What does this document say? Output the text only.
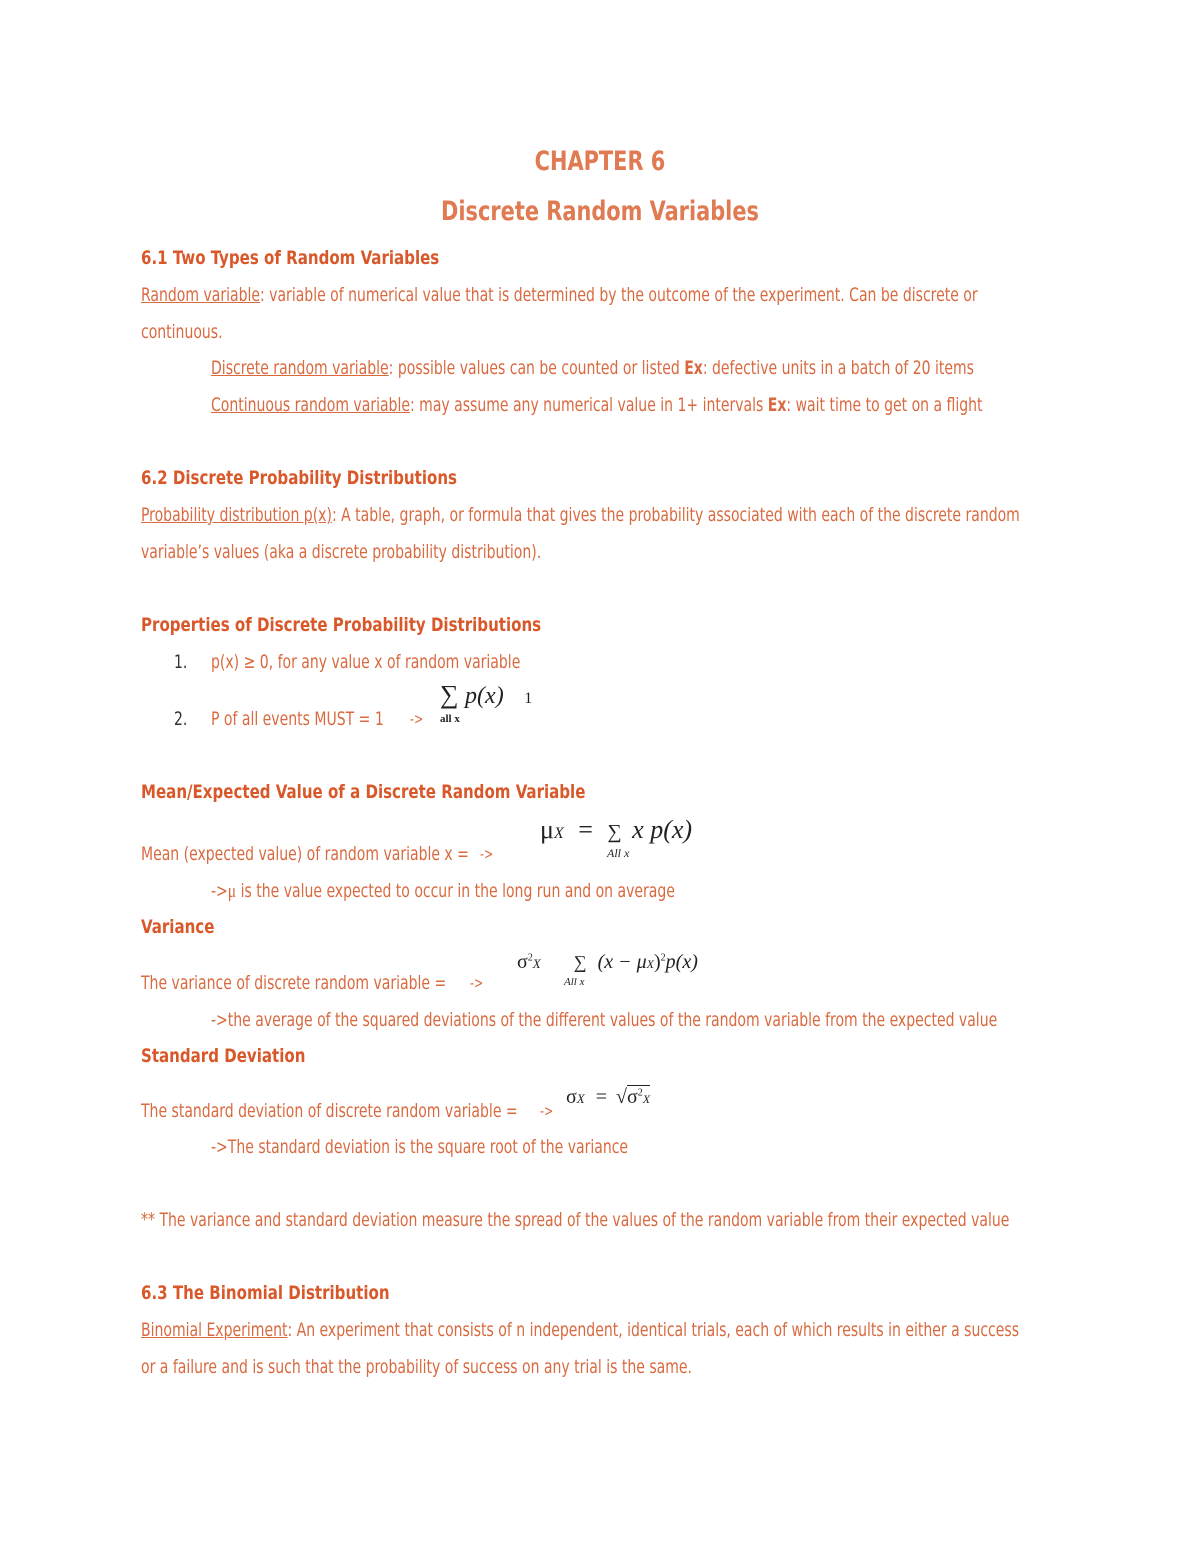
CHAPTER 6
Discrete Random Variables
6.1 Two Types of Random Variables
Random variable: variable of numerical value that is determined by the outcome of the experiment. Can be discrete or
continuous.
Discrete random variable: possible values can be counted or listed Ex: defective units in a batch of 20 items
Continuous random variable: may assume any numerical value in 1+ intervals Ex: wait time to get on a flight
6.2 Discrete Probability Distributions
Probability distribution p(x): A table, graph, or formula that gives the probability associated with each of the discrete random
variable’s values (aka a discrete probability distribution).
Properties of Discrete Probability Distributions
1. p(x) ≥ 0, for any value x of random variable
2. P of all events MUST = 1 ->
∑ p(x) 1
all x
Mean/Expected Value of a Discrete Random Variable
μX = ∑ x p(x)
All x
Mean (expected value) of random variable x = ->
->μ is the value expected to occur in the long run and on average
Variance
$\sigma^2X$ ∑ $(x - \mu X)^2p(x)$
All x
The variance of discrete random variable = ->
->the average of the squared deviations of the different values of the random variable from the expected value
Standard Deviation
$\sigma X = √\sigma^2X$
The standard deviation of discrete random variable = ->
->The standard deviation is the square root of the variance
** The variance and standard deviation measure the spread of the values of the random variable from their expected value
6.3 The Binomial Distribution
Binomial Experiment: An experiment that consists of n independent, identical trials, each of which results in either a success
or a failure and is such that the probability of success on any trial is the same.
